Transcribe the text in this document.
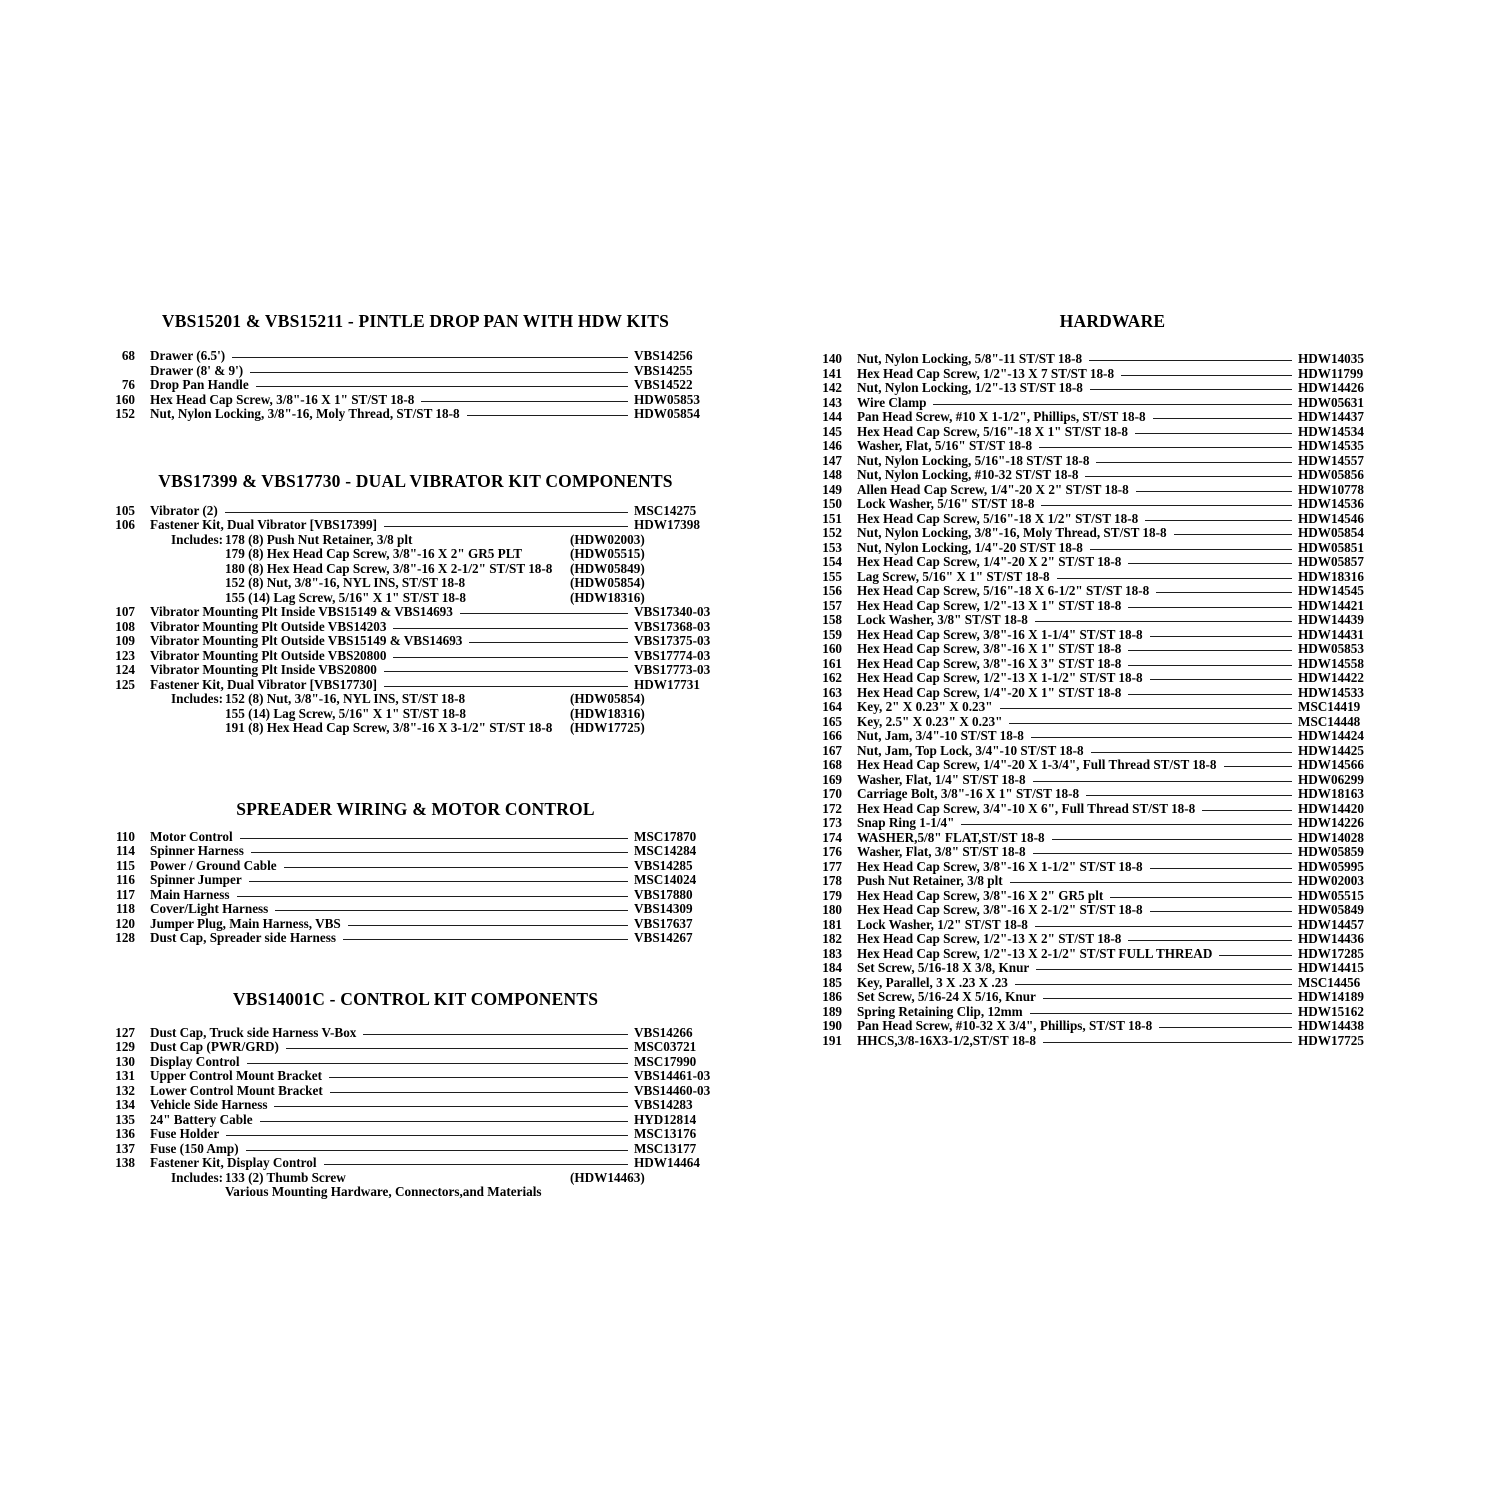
VBS15201 & VBS15211 - PINTLE DROP PAN WITH HDW KITS
68 Drawer (6.5')	VBS14256
Drawer (8' & 9')	VBS14255
76 Drop Pan Handle	VBS14522
160 Hex Head Cap Screw, 3/8"-16 X 1" ST/ST 18-8	HDW05853
152 Nut, Nylon Locking, 3/8"-16, Moly Thread, ST/ST 18-8	HDW05854
VBS17399 & VBS17730 - DUAL VIBRATOR KIT COMPONENTS
105 Vibrator (2)	MSC14275
106 Fastener Kit, Dual Vibrator [VBS17399]	HDW17398
Includes: 178 (8) Push Nut Retainer, 3/8 plt	(HDW02003)
179 (8) Hex Head Cap Screw, 3/8"-16 X 2" GR5 PLT	(HDW05515)
180 (8) Hex Head Cap Screw, 3/8"-16 X 2-1/2" ST/ST 18-8 (HDW05849)
152 (8) Nut, 3/8"-16, NYL INS, ST/ST 18-8	(HDW05854)
155 (14) Lag Screw, 5/16" X 1" ST/ST 18-8	(HDW18316)
107 Vibrator Mounting Plt Inside VBS15149 & VBS14693	VBS17340-03
108 Vibrator Mounting Plt Outside VBS14203	VBS17368-03
109 Vibrator Mounting Plt Outside VBS15149 & VBS14693	VBS17375-03
123 Vibrator Mounting Plt Outside VBS20800	VBS17774-03
124 Vibrator Mounting Plt Inside VBS20800	VBS17773-03
125 Fastener Kit, Dual Vibrator [VBS17730]	HDW17731
Includes: 152 (8) Nut, 3/8"-16, NYL INS, ST/ST 18-8	(HDW05854)
155 (14) Lag Screw, 5/16" X 1" ST/ST 18-8	(HDW18316)
191 (8) Hex Head Cap Screw, 3/8"-16 X 3-1/2" ST/ST 18-8 (HDW17725)
SPREADER WIRING & MOTOR CONTROL
110 Motor Control	MSC17870
114 Spinner Harness	MSC14284
115 Power / Ground Cable	VBS14285
116 Spinner Jumper	MSC14024
117 Main Harness	VBS17880
118 Cover/Light Harness	VBS14309
120 Jumper Plug, Main Harness, VBS	VBS17637
128 Dust Cap, Spreader side Harness	VBS14267
VBS14001C - CONTROL KIT COMPONENTS
127 Dust Cap, Truck side Harness V-Box	VBS14266
129 Dust Cap (PWR/GRD)	MSC03721
130 Display Control	MSC17990
131 Upper Control Mount Bracket	VBS14461-03
132 Lower Control Mount Bracket	VBS14460-03
134 Vehicle Side Harness	VBS14283
135 24" Battery Cable	HYD12814
136 Fuse Holder	MSC13176
137 Fuse (150 Amp)	MSC13177
138 Fastener Kit, Display Control	HDW14464
Includes: 133 (2) Thumb Screw	(HDW14463)
Various Mounting Hardware, Connectors,and Materials
HARDWARE
140 Nut, Nylon Locking, 5/8"-11 ST/ST 18-8	HDW14035
141 Hex Head Cap Screw, 1/2"-13 X 7 ST/ST 18-8	HDW11799
142 Nut, Nylon Locking, 1/2"-13 ST/ST 18-8	HDW14426
143 Wire Clamp	HDW05631
144 Pan Head Screw, #10 X 1-1/2", Phillips, ST/ST 18-8	HDW14437
145 Hex Head Cap Screw, 5/16"-18 X 1" ST/ST 18-8	HDW14534
146 Washer, Flat, 5/16" ST/ST 18-8	HDW14535
147 Nut, Nylon Locking, 5/16"-18 ST/ST 18-8	HDW14557
148 Nut, Nylon Locking, #10-32 ST/ST 18-8	HDW05856
149 Allen Head Cap Screw, 1/4"-20 X 2" ST/ST 18-8	HDW10778
150 Lock Washer, 5/16" ST/ST 18-8	HDW14536
151 Hex Head Cap Screw, 5/16"-18 X 1/2" ST/ST 18-8	HDW14546
152 Nut, Nylon Locking, 3/8"-16, Moly Thread, ST/ST 18-8	HDW05854
153 Nut, Nylon Locking, 1/4"-20 ST/ST 18-8	HDW05851
154 Hex Head Cap Screw, 1/4"-20 X 2" ST/ST 18-8	HDW05857
155 Lag Screw, 5/16" X 1" ST/ST 18-8	HDW18316
156 Hex Head Cap Screw, 5/16"-18 X 6-1/2" ST/ST 18-8	HDW14545
157 Hex Head Cap Screw, 1/2"-13 X 1" ST/ST 18-8	HDW14421
158 Lock Washer, 3/8" ST/ST 18-8	HDW14439
159 Hex Head Cap Screw, 3/8"-16 X 1-1/4" ST/ST 18-8	HDW14431
160 Hex Head Cap Screw, 3/8"-16 X 1" ST/ST 18-8	HDW05853
161 Hex Head Cap Screw, 3/8"-16 X 3" ST/ST 18-8	HDW14558
162 Hex Head Cap Screw, 1/2"-13 X 1-1/2" ST/ST 18-8	HDW14422
163 Hex Head Cap Screw, 1/4"-20 X 1" ST/ST 18-8	HDW14533
164 Key, 2" X 0.23" X 0.23"	MSC14419
165 Key, 2.5" X 0.23" X 0.23"	MSC14448
166 Nut, Jam, 3/4"-10 ST/ST 18-8	HDW14424
167 Nut, Jam, Top Lock, 3/4"-10 ST/ST 18-8	HDW14425
168 Hex Head Cap Screw, 1/4"-20 X 1-3/4", Full Thread ST/ST 18-8	HDW14566
169 Washer, Flat, 1/4" ST/ST 18-8	HDW06299
170 Carriage Bolt, 3/8"-16 X 1" ST/ST 18-8	HDW18163
172 Hex Head Cap Screw, 3/4"-10 X 6", Full Thread ST/ST 18-8	HDW14420
173 Snap Ring 1-1/4"	HDW14226
174 WASHER,5/8" FLAT,ST/ST 18-8	HDW14028
176 Washer, Flat, 3/8" ST/ST 18-8	HDW05859
177 Hex Head Cap Screw, 3/8"-16 X 1-1/2" ST/ST 18-8	HDW05995
178 Push Nut Retainer, 3/8 plt	HDW02003
179 Hex Head Cap Screw, 3/8"-16 X 2" GR5 plt	HDW05515
180 Hex Head Cap Screw, 3/8"-16 X 2-1/2" ST/ST 18-8	HDW05849
181 Lock Washer, 1/2" ST/ST 18-8	HDW14457
182 Hex Head Cap Screw, 1/2"-13 X 2" ST/ST 18-8	HDW14436
183 Hex Head Cap Screw, 1/2"-13 X 2-1/2" ST/ST FULL THREAD	HDW17285
184 Set Screw, 5/16-18 X 3/8, Knur	HDW14415
185 Key, Parallel, 3 X .23 X .23	MSC14456
186 Set Screw, 5/16-24 X 5/16, Knur	HDW14189
189 Spring Retaining Clip, 12mm	HDW15162
190 Pan Head Screw, #10-32 X 3/4", Phillips, ST/ST 18-8	HDW14438
191 HHCS,3/8-16X3-1/2,ST/ST 18-8	HDW17725
